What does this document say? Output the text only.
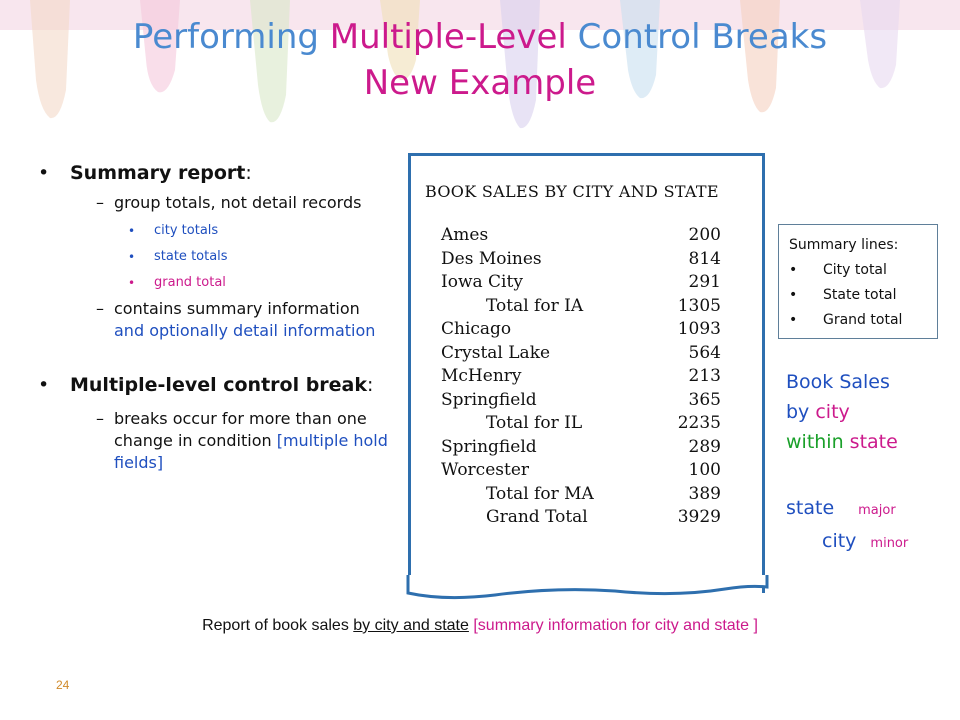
Performing Multiple-Level Control Breaks
New Example
• Summary report:
– group totals, not detail records
• city totals
• state totals
• grand total
– contains summary information and optionally detail information
• Multiple-level control break:
– breaks occur for more than one change in condition [multiple hold fields]
BOOK SALES BY CITY AND STATE
Ames	200
Des Moines	814
Iowa City	291
Total for IA	1305
Chicago	1093
Crystal Lake	564
McHenry	213
Springfield	365
Total for IL	2235
Springfield	289
Worcester	100
Total for MA	389
Grand Total	3929
Summary lines:
• City total
• State total
• Grand total
Book Sales
by city
within state
state major
city minor
Report of book sales by city and state [summary information for city and state ]
24
